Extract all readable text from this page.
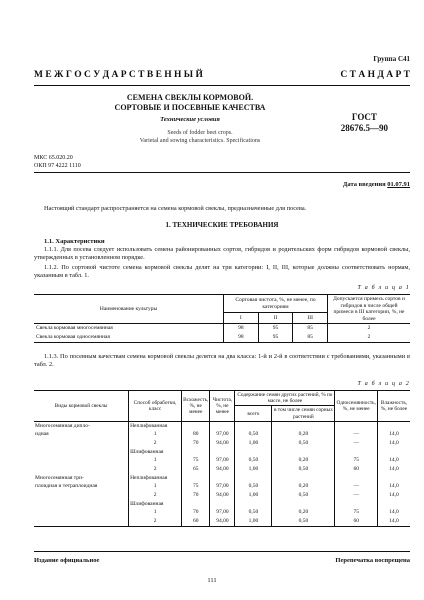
Группа С41
М Е Ж Г О С У Д А Р С Т В Е Н Н Ы Й	С Т А Н Д А Р Т
СЕМЕНА СВЕКЛЫ КОРМОВОЙ.
СОРТОВЫЕ И ПОСЕВНЫЕ КАЧЕСТВА
Технические условия	ГОСТ
28676.5—90
Seeds of fodder beet crops.
Varietal and sowing characteristics. Specifications
МКС 65.020.20
ОКП 97 4222 1110
Дата введения 01.07.91
Настоящий стандарт распространяется на семена кормовой свеклы, предназначенные для посева.
1. ТЕХНИЧЕСКИЕ ТРЕБОВАНИЯ
1.1. Характеристики
1.1.1. Для посева следует использовать семена районированных сортов, гибридов и родительских форм гибридов кормовой свеклы, утвержденных в установленном порядке.
1.1.2. По сортовой чистоте семена кормовой свеклы делят на три категории: I, II, III, которые должны соответствовать нормам, указанным в табл. 1.
Т а б л и ц а 1
Наименование культуры	Сортовая чистота, %, не менее, по категориям			Допускается примесь сортов и гибридов в числе общей примеси в III категории, %, не более
	I	II	III	
Свекла кормовая многосемянная	98	95	85	2
Свекла кормовая односемянная	98	95	85	2
1.1.3. По посевным качествам семена кормовой свеклы делятся на два класса: 1-й и 2-й в соответствии с требованиями, указанными в табл. 2.
Т а б л и ц а 2
Виды кормовой свеклы	Способ обработки, класс	Всхожесть, %, не менее	Чистота, %, не менее	Содержание семян других растений, % по массе, не более		Односемянность, %, не менее	Влажность, %, не более
				всего	в том числе семян сорных растений		
Многосемянная дипло-	Неплифованная						
идная	1	80	97,00	0,50	0,20	—	14,0
	2	70	94,00	1,00	0,50	—	14,0
	Шлифованная						
	1	75	97,00	0,50	0,20	75	14,0
	2	65	94,00	1,00	0,50	60	14,0
Многосемянная три-	Неплифованная						
плоидная и тетраплоидная	1	75	97,00	0,50	0,20	—	14,0
	2	70	94,00	1,00	0,50	—	14,0
	Шлифованная						
	1	70	97,00	0,50	0,20	75	14,0
	2	60	94,00	1,00	0,50	60	14,0
Издание официальное	Перепечатка воспрещена
111
